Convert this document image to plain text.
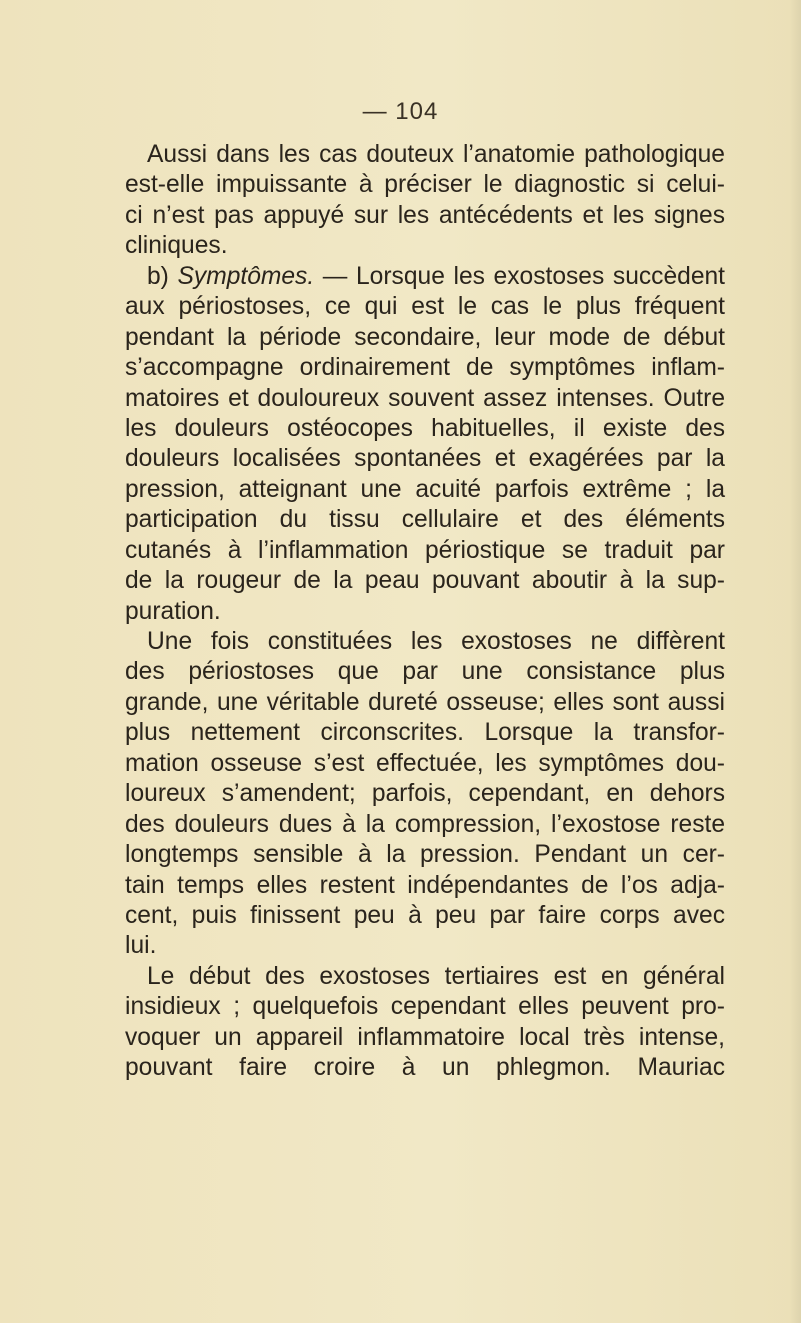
— 104
Aussi dans les cas douteux l’anatomie pathologique
est-elle impuissante à préciser le diagnostic si celui-
ci n’est pas appuyé sur les antécédents et les signes
cliniques.
b) Symptômes. — Lorsque les exostoses succèdent
aux périostoses, ce qui est le cas le plus fréquent
pendant la période secondaire, leur mode de début
s’accompagne ordinairement de symptômes inflam-
matoires et douloureux souvent assez intenses. Outre
les douleurs ostéocopes habituelles, il existe des
douleurs localisées spontanées et exagérées par la
pression, atteignant une acuité parfois extrême ; la
participation du tissu cellulaire et des éléments
cutanés à l’inflammation périostique se traduit par
de la rougeur de la peau pouvant aboutir à la sup-
puration.
Une fois constituées les exostoses ne diffèrent
des périostoses que par une consistance plus
grande, une véritable dureté osseuse; elles sont aussi
plus nettement circonscrites. Lorsque la transfor-
mation osseuse s’est effectuée, les symptômes dou-
loureux s’amendent; parfois, cependant, en dehors
des douleurs dues à la compression, l’exostose reste
longtemps sensible à la pression. Pendant un cer-
tain temps elles restent indépendantes de l’os adja-
cent, puis finissent peu à peu par faire corps avec
lui.
Le début des exostoses tertiaires est en général
insidieux ; quelquefois cependant elles peuvent pro-
voquer un appareil inflammatoire local très intense,
pouvant faire croire à un phlegmon. Mauriac
